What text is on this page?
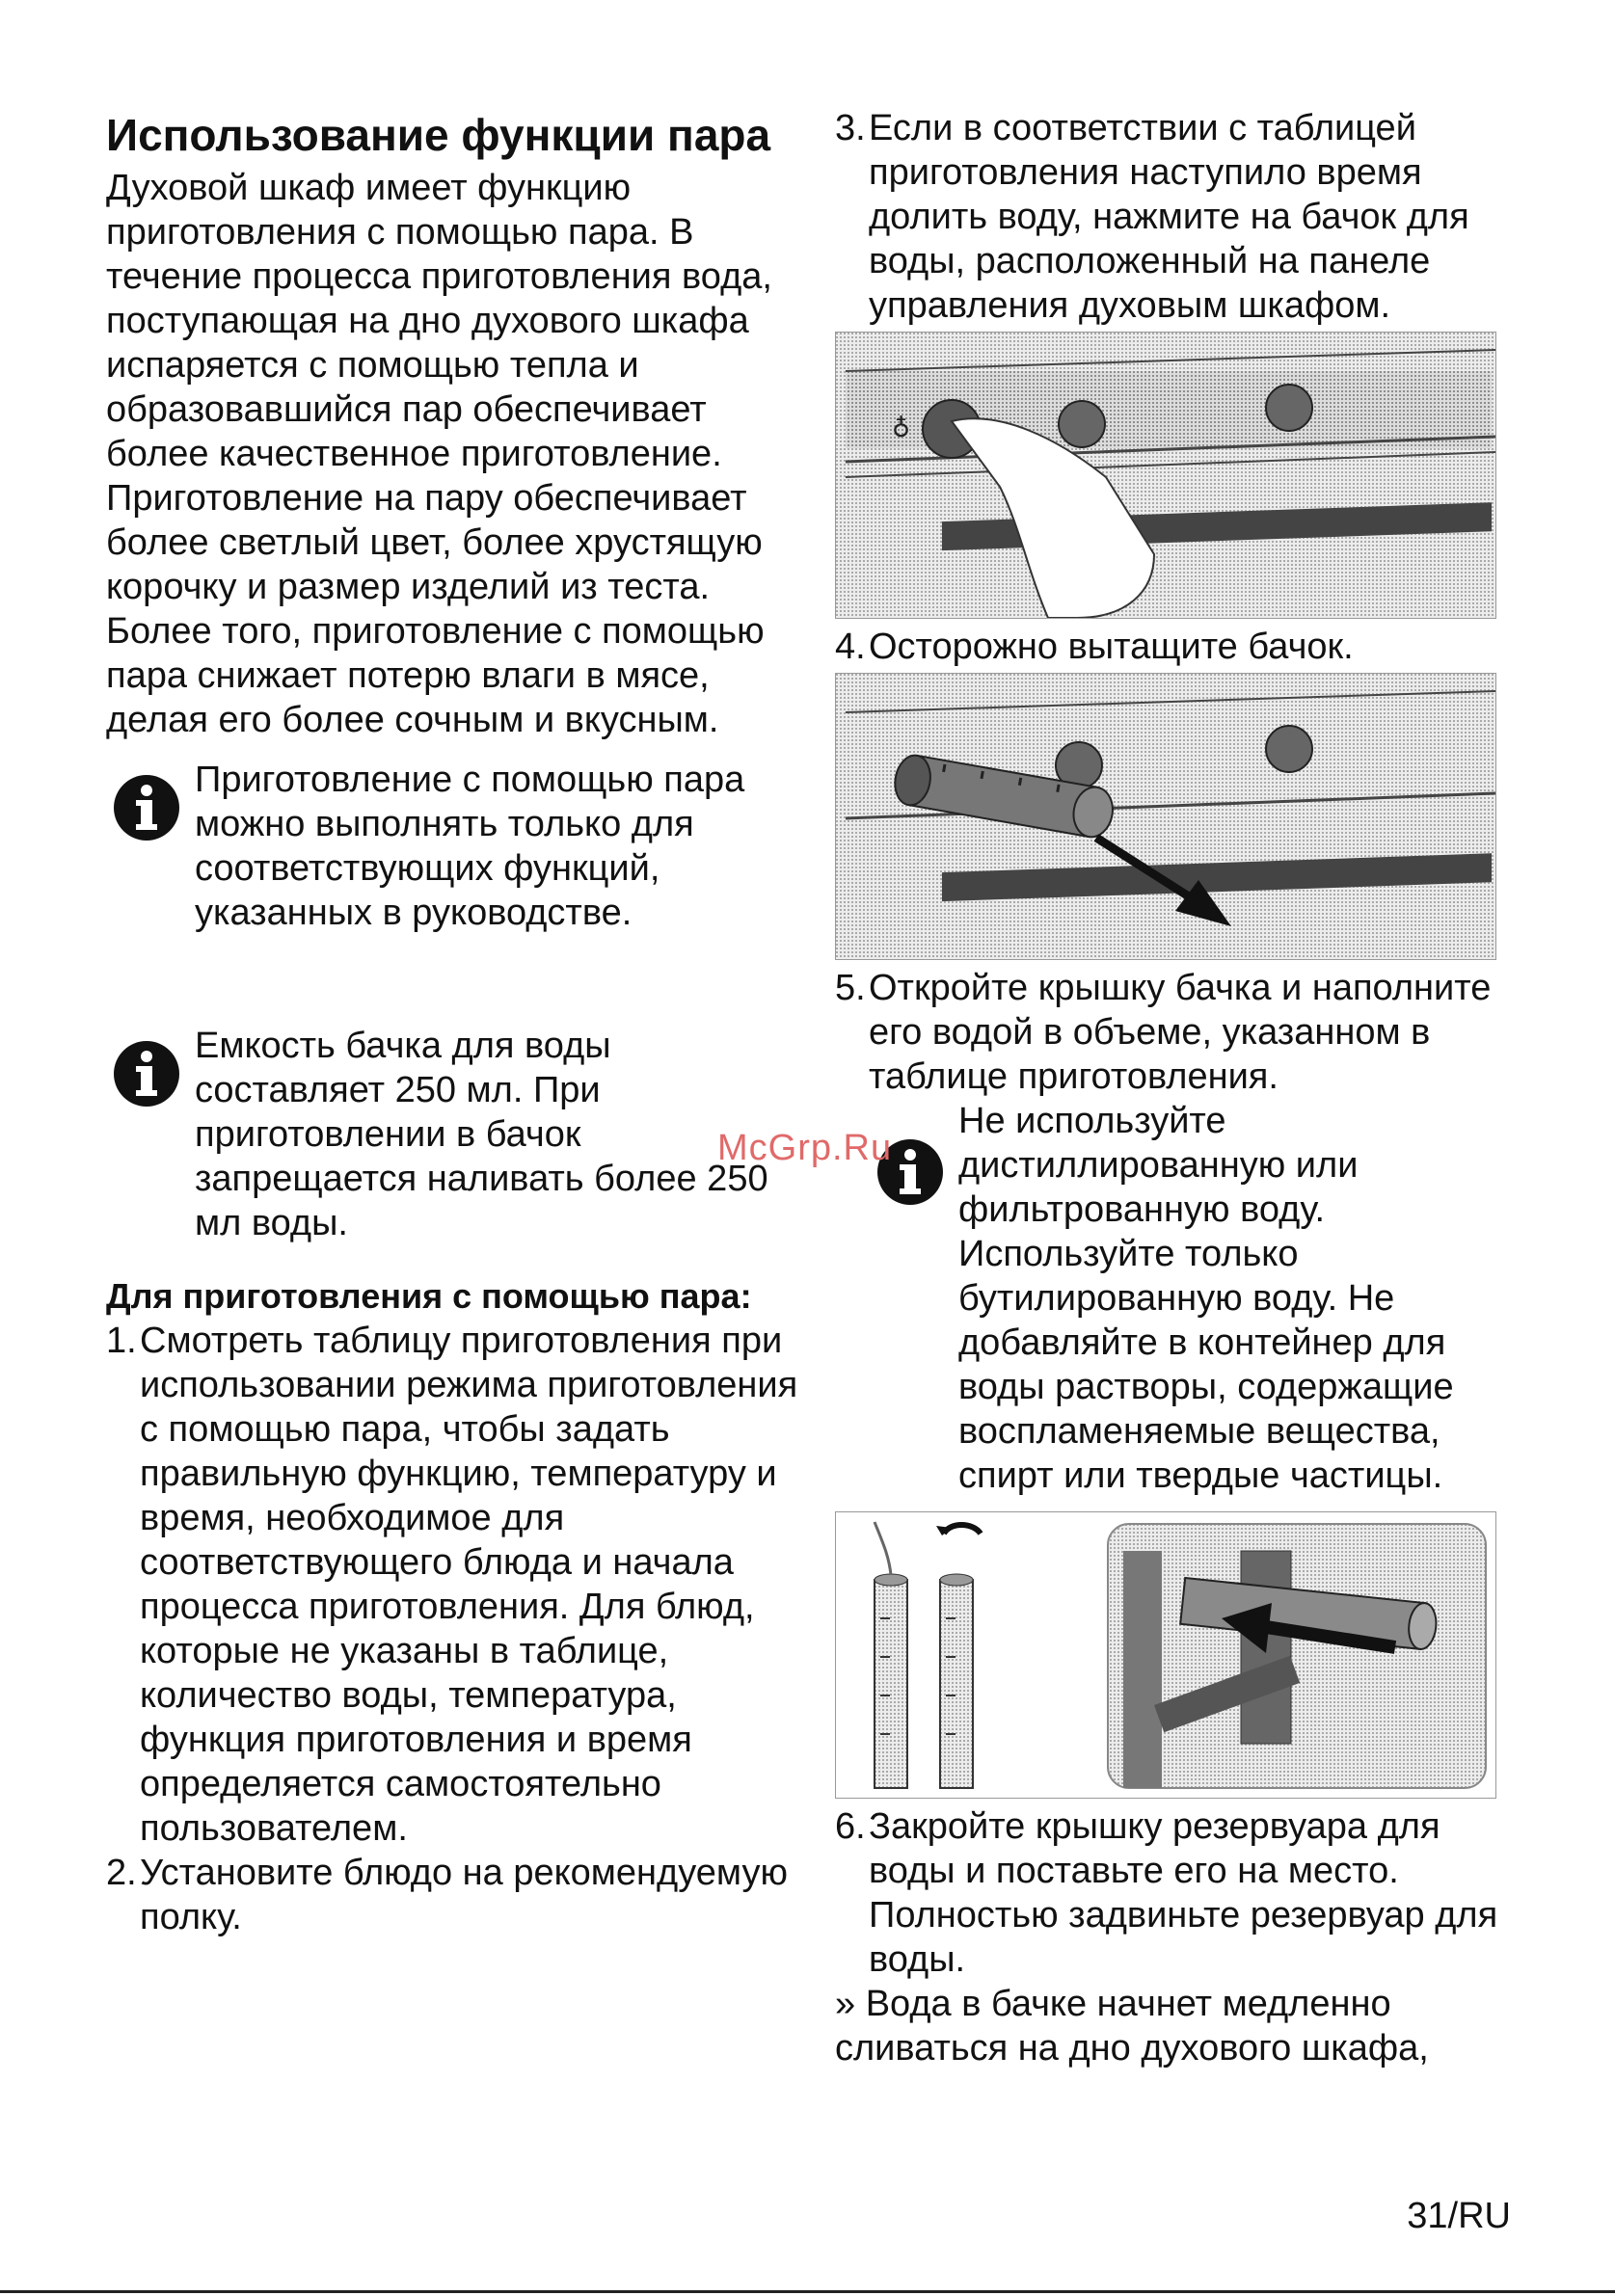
Использование функции пара

Духовой шкаф имеет функцию приготовления с помощью пара. В течение процесса приготовления вода, поступающая на дно духового шкафа испаряется с помощью тепла и образовавшийся пар обеспечивает более качественное приготовление. Приготовление на пару обеспечивает более светлый цвет, более хрустящую корочку и размер изделий из теста. Более того, приготовление с помощью пара снижает потерю влаги в мясе, делая его более сочным и вкусным.

Приготовление с помощью пара можно выполнять только для соответствующих функций, указанных в руководстве.

Емкость бачка для воды составляет 250 мл. При приготовлении в бачок запрещается наливать более 250 мл воды.

Для приготовления с помощью пара:

1. Смотреть таблицу приготовления при использовании режима приготовления с помощью пара, чтобы задать правильную функцию, температуру и время, необходимое для соответствующего блюда и начала процесса приготовления. Для блюд, которые не указаны в таблице, количество воды, температура, функция приготовления и время определяется самостоятельно пользователем.

2. Установите блюдо на рекомендуемую полку.

3. Если в соответствии с таблицей приготовления наступило время долить воду, нажмите на бачок для воды, расположенный на панеле управления духовым шкафом.

♁

4. Осторожно вытащите бачок.

5. Откройте крышку бачка и наполните его водой в объеме, указанном в таблице приготовления.

Не используйте дистиллированную или фильтрованную воду. Используйте только бутилированную воду. Не добавляйте в контейнер для воды растворы, содержащие воспламеняемые вещества, спирт или твердые частицы.

6. Закройте крышку резервуара для воды и поставьте его на место. Полностью задвиньте резервуар для воды.

» Вода в бачке начнет медленно сливаться на дно духового шкафа,

McGrp.Ru
31/RU
